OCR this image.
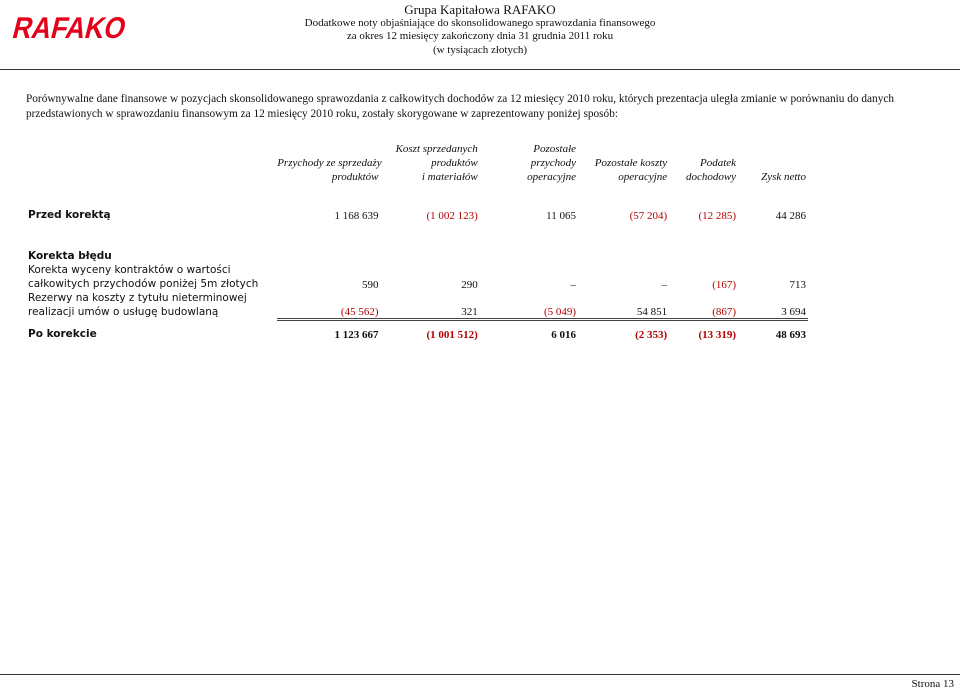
RAFAKO
Grupa Kapitałowa RAFAKO
Dodatkowe noty objaśniające do skonsolidowanego sprawozdania finansowego
za okres 12 miesięcy zakończony dnia 31 grudnia 2011 roku
(w tysiącach złotych)
Porównywalne dane finansowe w pozycjach skonsolidowanego sprawozdania z całkowitych dochodów za 12 miesięcy 2010 roku, których prezentacja uległa zmianie w porównaniu do danych przedstawionych w sprawozdaniu finansowym za 12 miesięcy 2010 roku, zostały skorygowane w zaprezentowany poniżej sposób:

Przychody ze sprzedaży
produktów	Koszt sprzedanych
produktów
i materiałów	Pozostałe
przychody
operacyjne	Pozostałe koszty
operacyjne	Podatek
dochodowy	Zysk netto

Przed korektą	1 168 639	(1 002 123)	11 065	(57 204)	(12 285)	44 286

Korekta błędu						
Korekta wyceny kontraktów o wartości
całkowitych przychodów poniżej 5m złotych	590	290	–	–	(167)	713
Rezerwy na koszty z tytułu nieterminowej
realizacji umów o usługę budowlaną	(45 562)	321	(5 049)	54 851	(867)	3 694
Po korekcie	1 123 667	(1 001 512)	6 016	(2 353)	(13 319)	48 693
Strona 13
